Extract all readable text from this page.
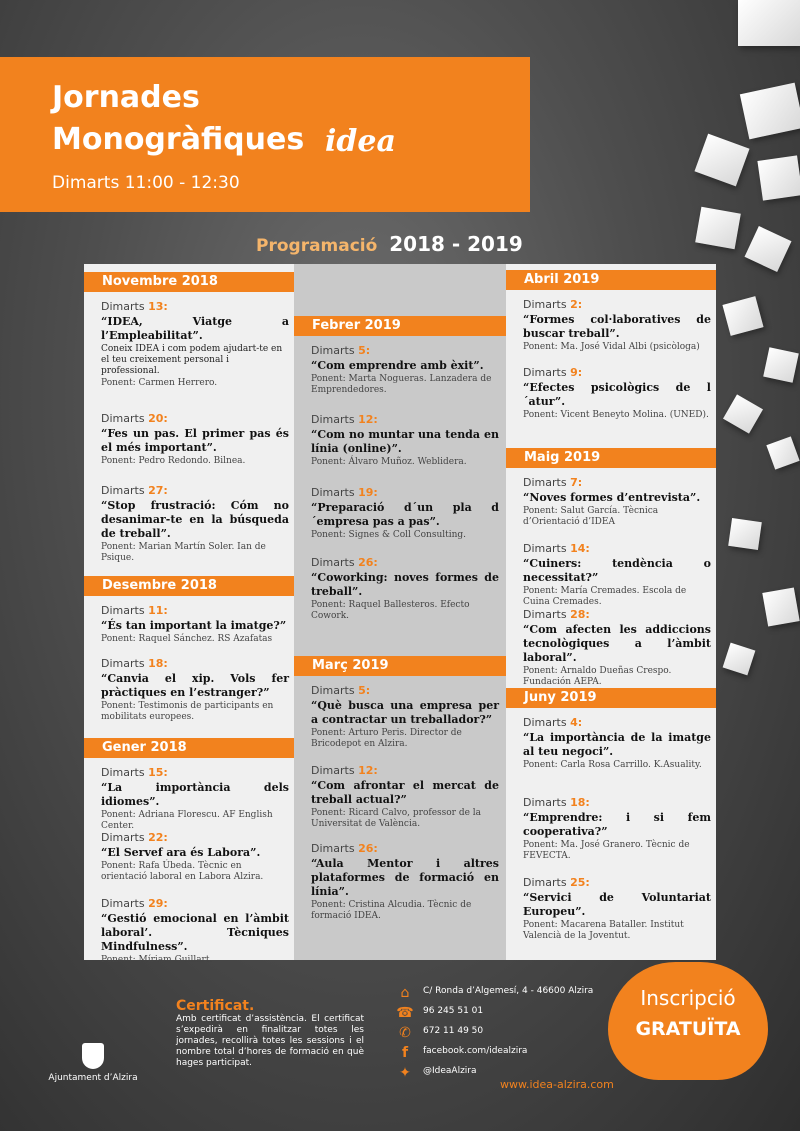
Jornades
Monogràfiques idea
Dimarts 11:00 - 12:30
Programació 2018 - 2019
Novembre 2018
Dimarts 13:
“IDEA, Viatge a l’Empleabilitat”.
Coneix IDEA i com podem ajudart-te en el teu creixement personal i professional.
Ponent: Carmen Herrero.
Dimarts 20:
“Fes un pas. El primer pas és el més important”.
Ponent: Pedro Redondo. Bilnea.
Dimarts 27:
“Stop frustració: Cóm no desanimar-te en la búsqueda de treball”.
Ponent: Marian Martín Soler. Ian de Psique.
Desembre 2018
Dimarts 11:
“És tan important la imatge?”
Ponent: Raquel Sánchez. RS Azafatas
Dimarts 18:
“Canvia el xip. Vols fer pràctiques en l’estranger?”
Ponent: Testimonis de participants en mobilitats europees.
Gener 2018
Dimarts 15:
“La importància dels idiomes”.
Ponent: Adriana Florescu. AF English Center.
Dimarts 22:
“El Servef ara és Labora”.
Ponent: Rafa Úbeda. Tècnic en orientació laboral en Labora Alzira.
Dimarts 29:
“Gestió emocional en l’àmbit laboral’. Tècniques Mindfulness”.
Ponent: Míriam Guillart.
Febrer 2019
Dimarts 5:
“Com emprendre amb èxit”.
Ponent: Marta Nogueras. Lanzadera de Emprendedores.
Dimarts 12:
“Com no muntar una tenda en línia (online)”.
Ponent: Álvaro Muñoz. Weblidera.
Dimarts 19:
“Preparació d´un pla d´empresa pas a pas”.
Ponent: Signes & Coll Consulting.
Dimarts 26:
“Coworking: noves formes de treball”.
Ponent: Raquel Ballesteros. Efecto Cowork.
Març 2019
Dimarts 5:
“Què busca una empresa per a contractar un treballador?”
Ponent: Arturo Peris. Director de Bricodepot en Alzira.
Dimarts 12:
“Com afrontar el mercat de treball actual?”
Ponent: Ricard Calvo, professor de la Universitat de València.
Dimarts 26:
“Aula Mentor i altres plataformes de formació en línia”.
Ponent: Cristina Alcudia. Tècnic de formació IDEA.
Abril 2019
Dimarts 2:
“Formes col·laboratives de buscar treball”.
Ponent: Ma. José Vidal Albi (psicòloga)
Dimarts 9:
“Efectes psicològics de l´atur”.
Ponent: Vicent Beneyto Molina. (UNED).
Maig 2019
Dimarts 7:
“Noves formes d’entrevista”.
Ponent: Salut García. Tècnica d’Orientació d’IDEA
Dimarts 14:
“Cuiners: tendència o necessitat?”
Ponent: María Cremades. Escola de Cuina Cremades.
Dimarts 28:
“Com afecten les addiccions tecnològiques a l’àmbit laboral”.
Ponent: Arnaldo Dueñas Crespo. Fundación AEPA.
Juny 2019
Dimarts 4:
“La importància de la imatge al teu negoci”.
Ponent: Carla Rosa Carrillo. K.Asuality.
Dimarts 18:
“Emprendre: i si fem cooperativa?”
Ponent: Ma. José Granero. Tècnic de FEVECTA.
Dimarts 25:
“Servici de Voluntariat Europeu”.
Ponent: Macarena Bataller. Institut Valencià de la Joventut.
Ajuntament d’Alzira
Certificat.
Amb certificat d’assistència. El certificat s’expedirà en finalitzar totes les jornades, recollirà totes les sessions i el nombre total d’hores de formació en què hages participat.
⌂	C/ Ronda d’Algemesí, 4 - 46600 Alzira
☎ 96 245 51 01
✆	672 11 49 50
f	facebook.com/idealzira
✦	@IdeaAlzira
www.idea-alzira.com
Inscripció
GRATUÏTA
